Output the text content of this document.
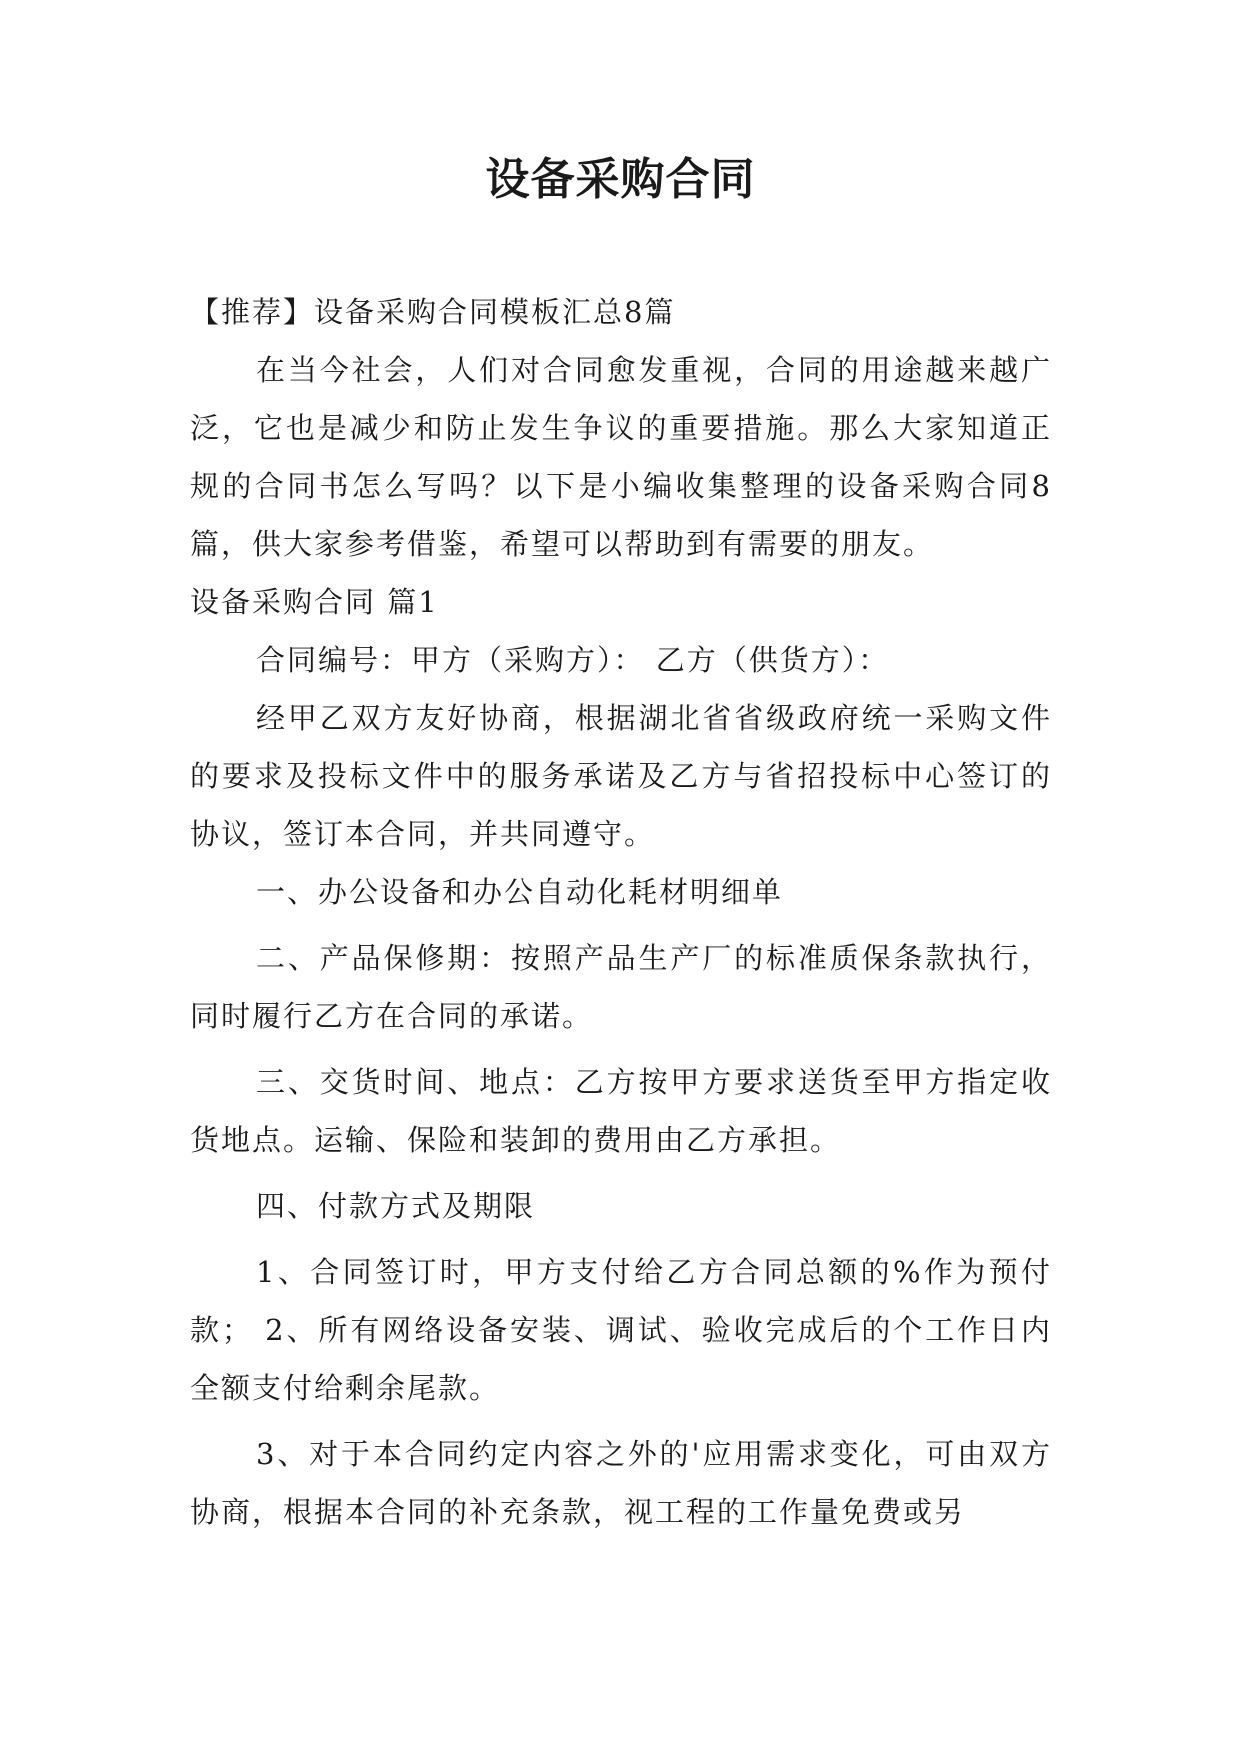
设备采购合同

【推荐】设备采购合同模板汇总8篇

在当今社会，人们对合同愈发重视，合同的用途越来越广泛，它也是减少和防止发生争议的重要措施。那么大家知道正规的合同书怎么写吗？以下是小编收集整理的设备采购合同8篇，供大家参考借鉴，希望可以帮助到有需要的朋友。

设备采购合同 篇1

合同编号：甲方（采购方）： 乙方（供货方）：

经甲乙双方友好协商，根据湖北省省级政府统一采购文件的要求及投标文件中的服务承诺及乙方与省招投标中心签订的协议，签订本合同，并共同遵守。

一、办公设备和办公自动化耗材明细单

二、产品保修期：按照产品生产厂的标准质保条款执行，同时履行乙方在合同的承诺。

三、交货时间、地点：乙方按甲方要求送货至甲方指定收货地点。运输、保险和装卸的费用由乙方承担。

四、付款方式及期限

1、合同签订时，甲方支付给乙方合同总额的%作为预付款； 2、所有网络设备安装、调试、验收完成后的个工作日内全额支付给剩余尾款。

3、对于本合同约定内容之外的'应用需求变化，可由双方协商，根据本合同的补充条款，视工程的工作量免费或另
